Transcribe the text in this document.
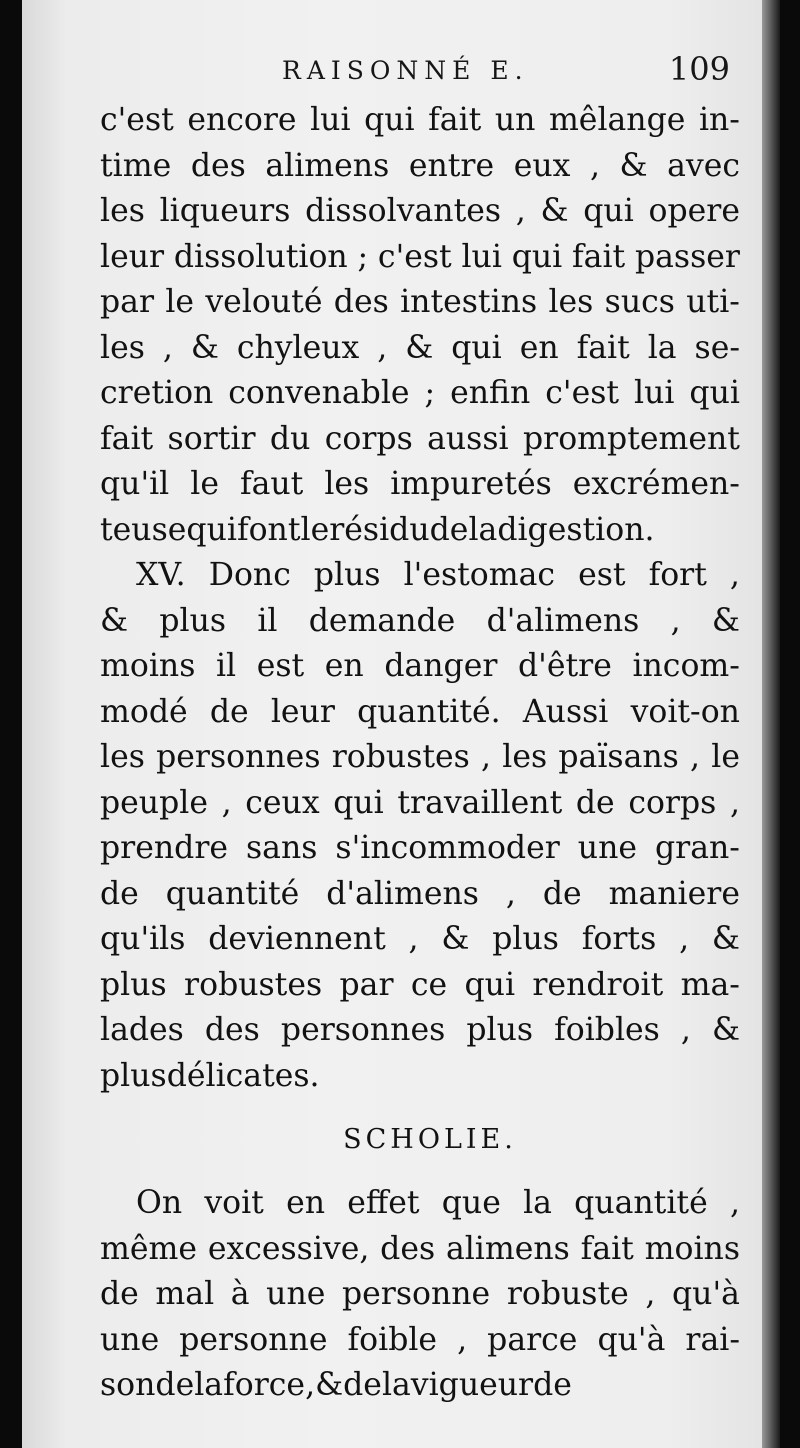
RAISONNÉ E.	109
c'est encore lui qui fait un mêlange in-
time des alimens entre eux , & avec
les liqueurs dissolvantes , & qui opere
leur dissolution ; c'est lui qui fait passer
par le velouté des intestins les sucs uti-
les , & chyleux , & qui en fait la se-
cretion convenable ; enfin c'est lui qui
fait sortir du corps aussi promptement
qu'il le faut les impuretés excrémen-
teuse qui font le résidu de la digestion.
XV. Donc plus l'estomac est fort ,
& plus il demande d'alimens , &
moins il est en danger d'être incom-
modé de leur quantité. Aussi voit-on
les personnes robustes , les païsans , le
peuple , ceux qui travaillent de corps ,
prendre sans s'incommoder une gran-
de quantité d'alimens , de maniere
qu'ils deviennent , & plus forts , &
plus robustes par ce qui rendroit ma-
lades des personnes plus foibles , &
plus délicates.
SCHOLIE.
On voit en effet que la quantité ,
même excessive, des alimens fait moins
de mal à une personne robuste , qu'à
une personne foible , parce qu'à rai-
son de la force , & de la vigueur de
